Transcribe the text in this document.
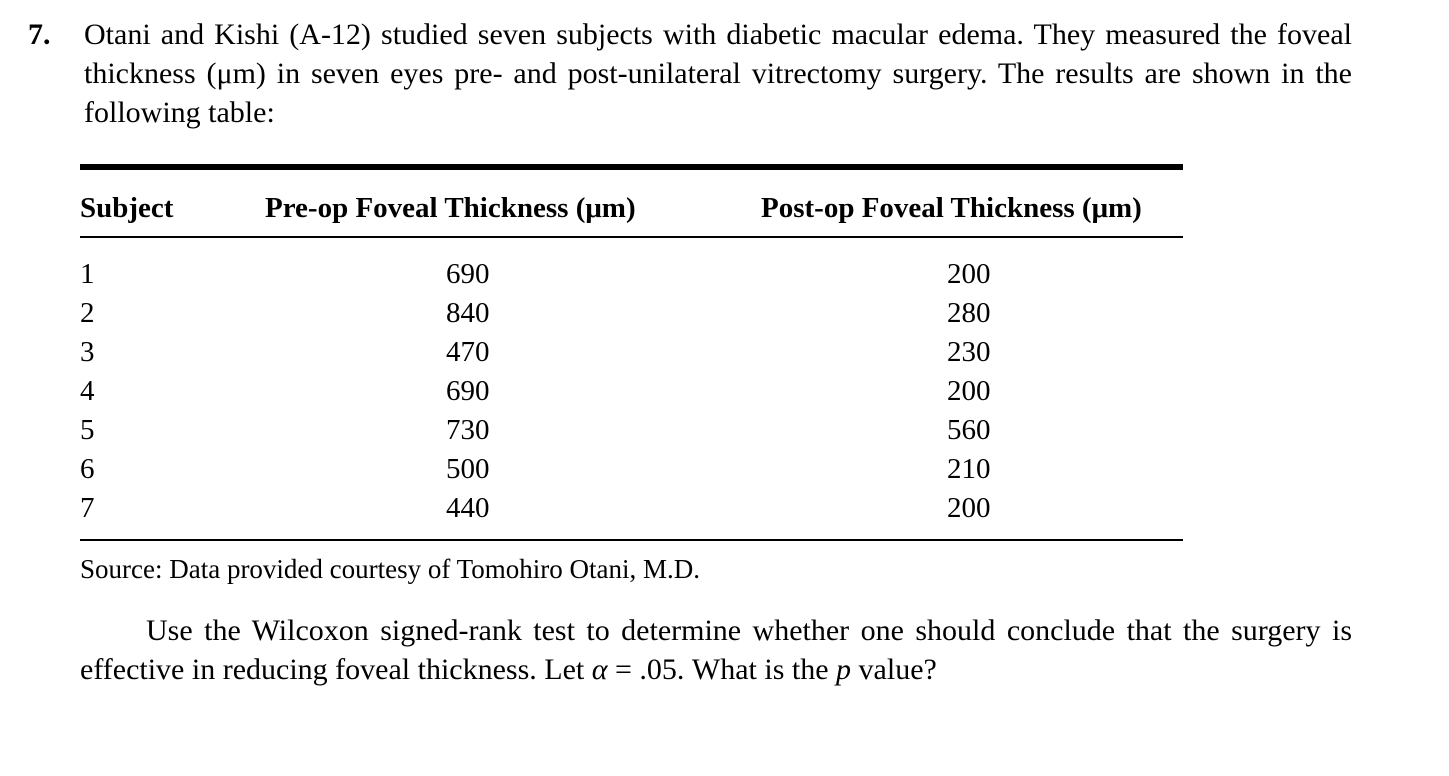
7. Otani and Kishi (A-12) studied seven subjects with diabetic macular edema. They measured the foveal thickness (μm) in seven eyes pre- and post-unilateral vitrectomy surgery. The results are shown in the following table:
Subject	Pre-op Foveal Thickness (μm)	Post-op Foveal Thickness (μm)
1	690	200
2	840	280
3	470	230
4	690	200
5	730	560
6	500	210
7	440	200
Source: Data provided courtesy of Tomohiro Otani, M.D.
Use the Wilcoxon signed-rank test to determine whether one should conclude that the surgery is effective in reducing foveal thickness. Let α = .05. What is the p value?
